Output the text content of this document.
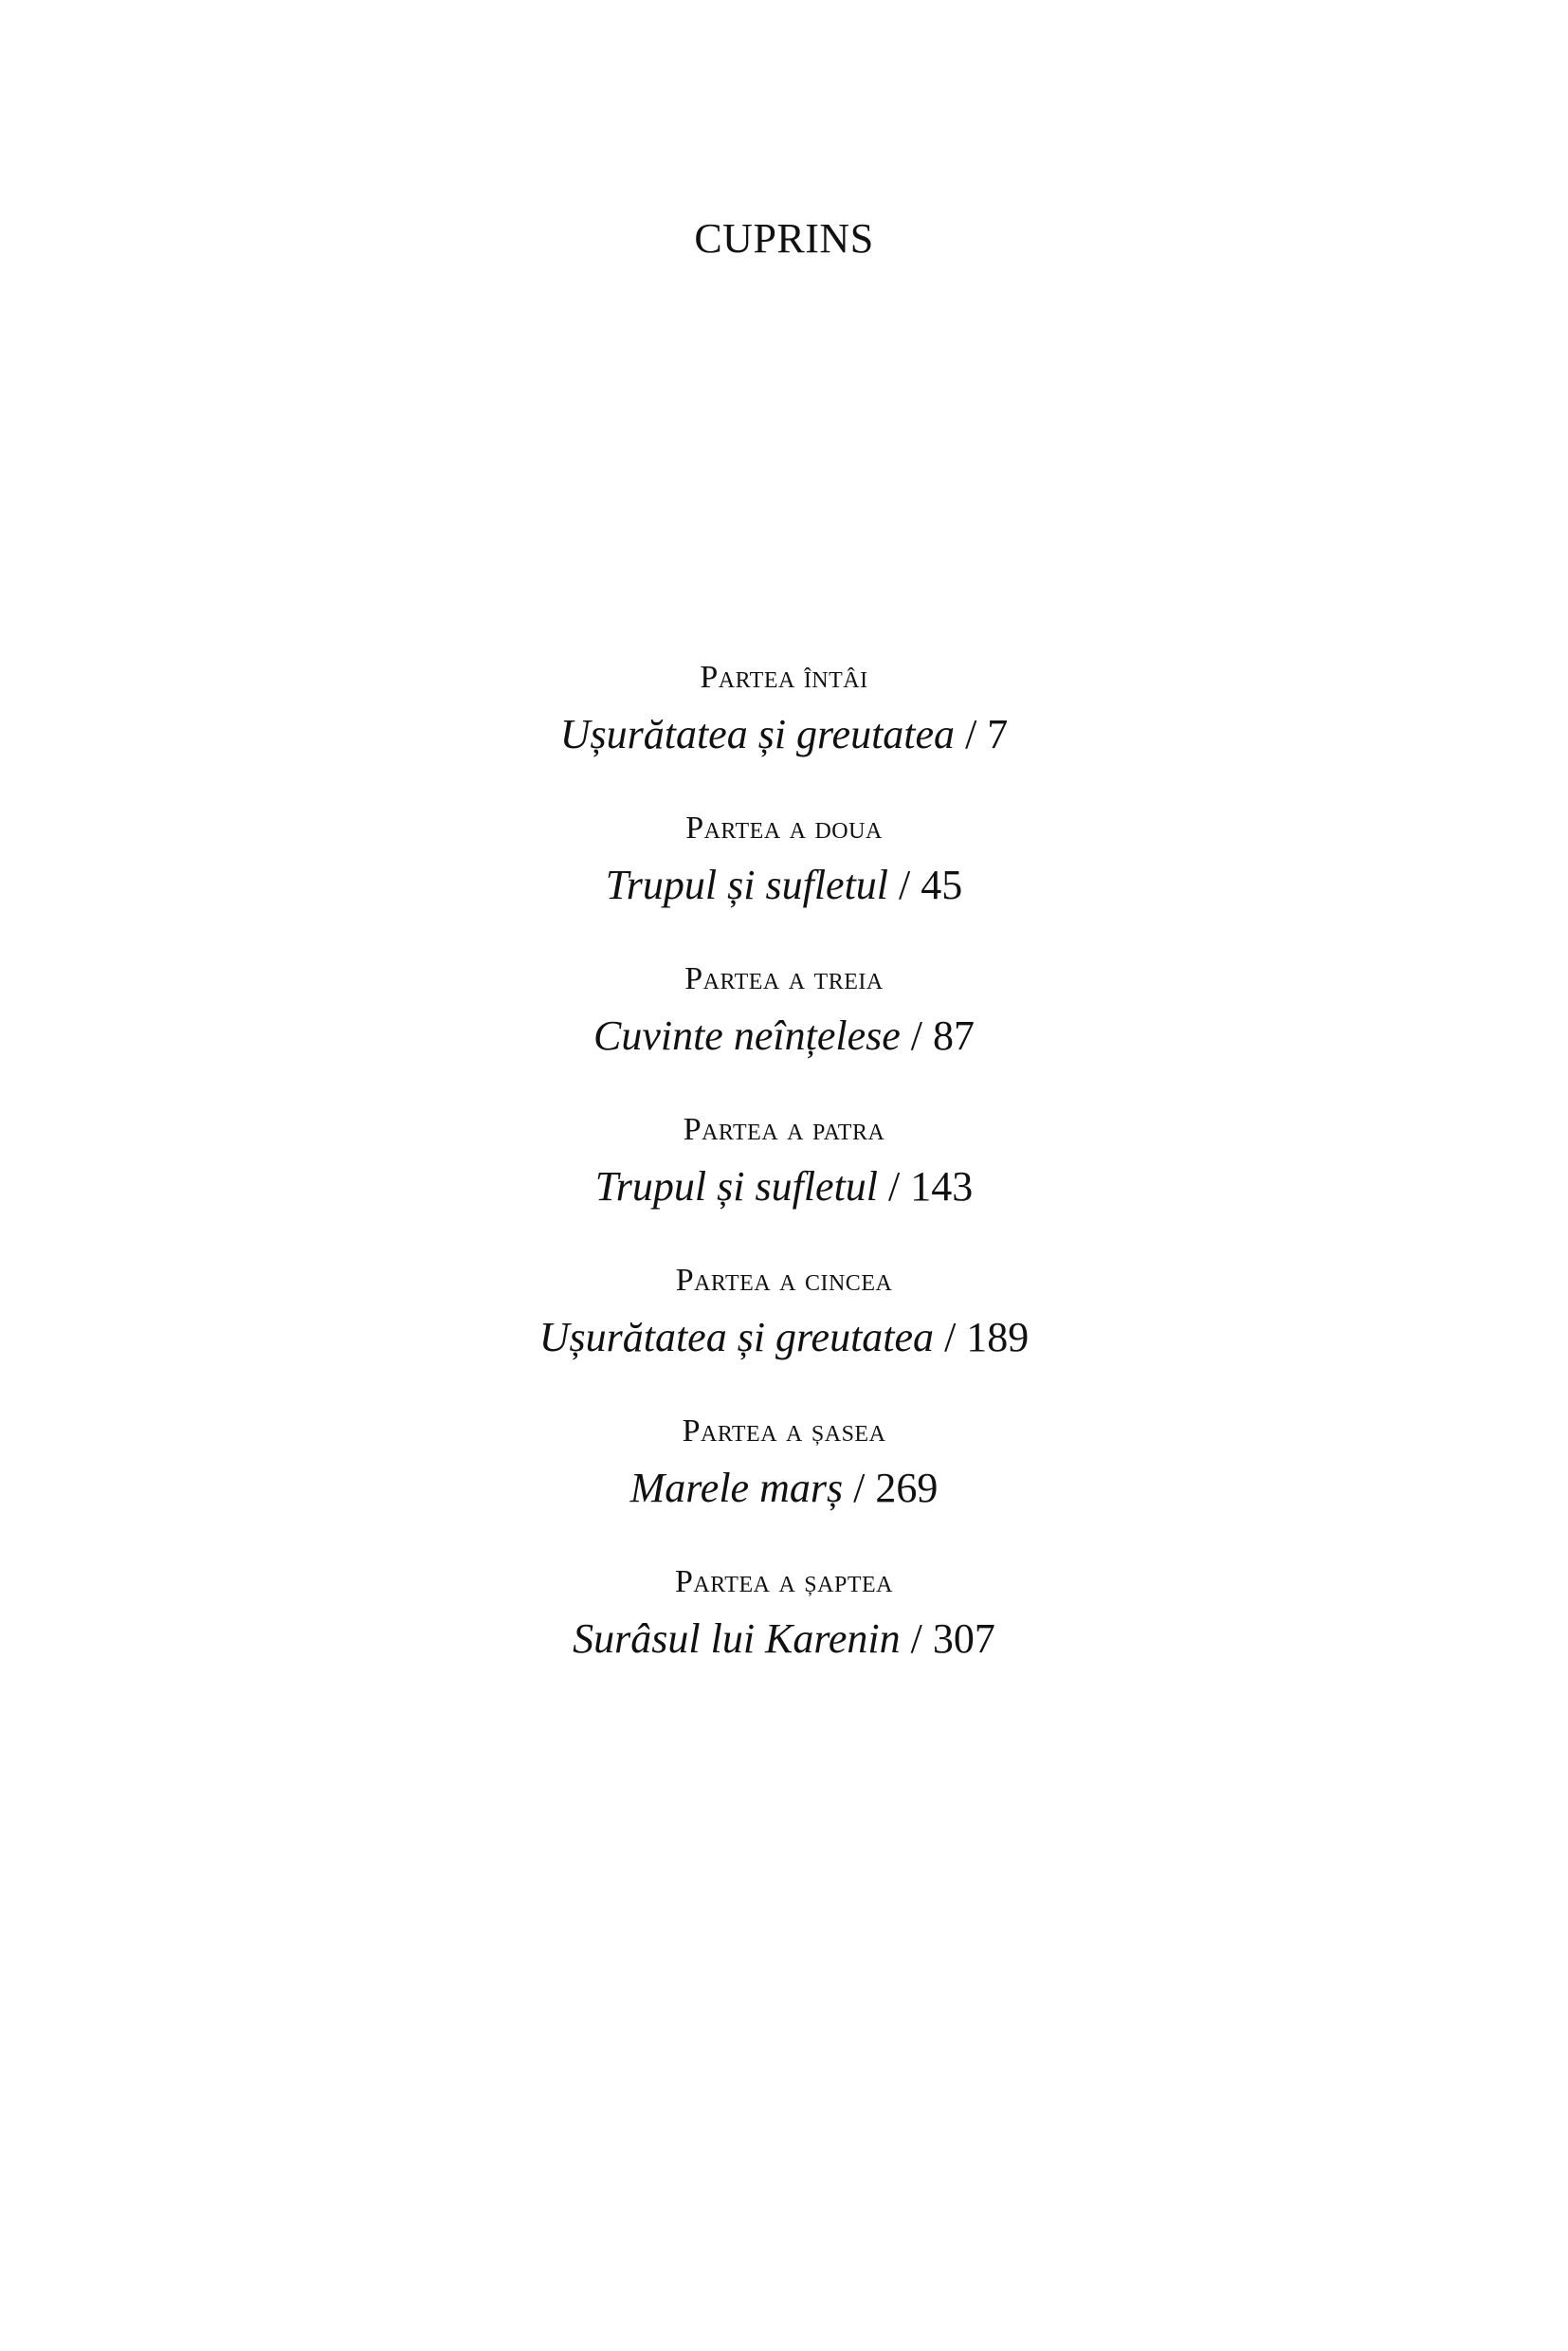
CUPRINS
Partea întâi
Ușurătatea și greutatea / 7
Partea a doua
Trupul și sufletul / 45
Partea a treia
Cuvinte neînțelese / 87
Partea a patra
Trupul și sufletul / 143
Partea a cincea
Ușurătatea și greutatea / 189
Partea a șasea
Marele marș / 269
Partea a șaptea
Surâsul lui Karenin / 307
